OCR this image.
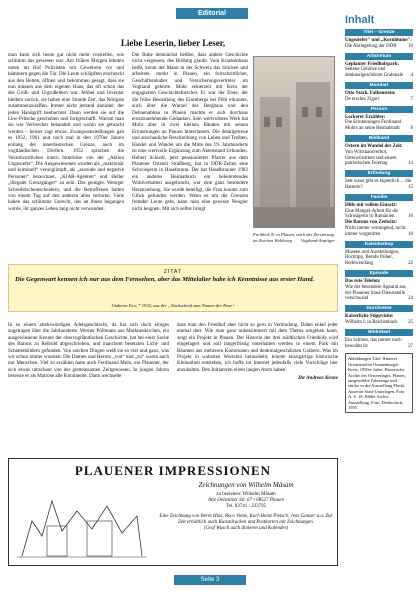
Editorial
Liebe Leserin, lieber Leser,
man kann sich heute gar nicht mehr vorstellen, wie schlimm das gewesen war: Am frühen Morgen lehnten unten im Hof Polizisten mit Gewehren vor und hämmern gegen die Tür. Die Leute schlüpften erschreckt aus den Betten, öffnen und bekommen gesagt, dass sie nun müssen aus dem eigenen Haus, das oft schon das der Groß- und Urgroßeltern war. Möbel und Inventar bleiben zurück, sie haben eine Stunde Zeit, das Nötigste zusammenzuraffen. Immer nicht jemand darunter, der jeden Handgriff beobachtet. Dann werden sie auf die Lkw-Pritsche geschoben und fortgeschafft. Warum man sie wie Verbrecher behandelt und wohin sie gebracht werden – keiner sagt etwas. Zwangsumsiedlungen gab es 1952, 1961 und noch mal in den 1970er Jahren entlang der innerdeutschen Grenze, auch im vogtländischen Dörfern. 1952 sprachen die Verantwortlichen intern bitterböse von der „Aktion Ungeziefer“. Die Ausgewiesenen wurden als „reaktionär und kriminell“ verunglimpft, als „asoziale und negative Personen“ bezeichnet, „KIAR-Agenten“ und Heller „illegaler Grenzgänger“ zu sein. Das genügte. Weniger Schreibtischentscheidern, und die Betroffenen hatten von einem Tag auf den anderen alles verloren. Viele haben das schlimme Unrecht, das an ihnen begangen wurde, ihr ganzes Leben lang nicht verwunden.
Die Ruhe demnächst heißen, dass andere Geschichte nicht vergessen, des Bildung glaubt. Vom Krankenhaus heißt, kennt der Mann in der Schweiz das Stücken und arbeitete, merkt in Plauen, ein fortschrittlicher, Geschäftsinhaber und Versicherungsvertreter im Vogtland gehörte. Mohr seinerzeit mit Kern der engagierten Geschichtsforscher. Er war der Erste, der die frühe Besiedlung des Eisenbergs bei Pöhl erkannte, auch über die Wurzel des Bergbaus und den Dehnenabbau in Plauen machte er sich durchaus ernstzunehmende Gedanken. Sein wertvollstes Werk hat Mohr aber in zwei kleinen Bänden mit seinen Erinnerungen an Plauen hinterlassen. Die detailgetreue und anschauliche Beschreibung von Leben und Treiben, Handel und Wandel um die Mitte des 19. Jahrhunderts ist eine wertvolle Ergänzung zum Aktenstand Urkunden. Hubert Schiedl, jetzt pensionierter Pfarrer aus dem Plauener Ortsteil Straßberg, hat in DDR-Zeiten eine Schwiegerin in Haselbrunn. Der hat Haselbrunner 1982 ein anderes Heimatbuch ein beleumdendes Wohlverhalten ausgebracht, war eine ganz besondere Heranziehung. Sie wurde beteiligt, die Frau konnte zum Glück gefunden werden. Wenn es um die Grenzen fremder Leute geht, kann man eine gewisse Neugier nicht leugnen. Mit sich selbst bringt
Freiblick N. in Plauen, nach der Zerstörung im Zweiten Weltkrieg Vogtland-Anzeiger
ZITAT
Die Gegenwart kennen ich nur aus dem Fernsehen, aber das Mittelalter habe ich Kenntnisse aus erster Hand.
Umberto Eco, * 1932, aus der „Nachschrift zum Namen der Rose“
In so einem altehrwürdigen Adelsgeschlecht, da hat sich doch einiges zugetragen über die Jahrhunderte. Werner Pöllmann aus Markneukirchen, ein ausgewiesener Kenner der obervogtländischen Geschichte, hat bei einer Sache des Barons zu Reibold abgeschrieben, und manchem besetzten Licht- und Schattenbildern gefunden. Von solchen Dingen weiß sie so viel und ganz, was wir schon immer wussten: Die Damen und Herren „von“ und „zu“ waren auch nur Menschen. Viel zu erzählen hatte auch Ferdinand Mohr, ein Plauener, der sich etwas umschaut von der gemeinsamen Zeitgenossen. In jungen Jahren bereiste er als Matrose alle Kontinente. Dann wechselte
dass man den Friedhof aber nicht so gern in Verbindung. Dabei enkel jeder einmal dort. Wie man ganz unbekümmert mit dem Thema umgehen kann, zeigt ein Projekt in Plauen. Der Historie der drei städtischen Friedhöfe wird eingelagert und soll längerfristig unterhalten werden in einem Park mit Bäumen aus mehreren Kommunen und denkmalgeschützten Gräbern. Was im Projekt in wahrsten Wortsinn heraushebt, könnte einzigartige historische Kleinarbeit entstehen, ich hoffe im Internet jedenfalls viele Vorschläge hier anzuhalten. Den Initiatoren einen langen Atem haben.
Ihr Andreas Krone
PLAUENER IMPRESSIONEN
Zeichnungen von Wilhelm Mäsam
zu beziehen: Wilhelm Mäsam
Alte Oelsnitzer Str. 67 • 08527 Plauen
Tel. 03741 / 223795
Eine Zeichnung von Bernt Hinz, Reco Vomé, Karl-Heinz Pietsch, Jens Ganzer u.a. Zur Zeit erhältlich auch Kunstdrucken und Postkarten mit Zeichnungen.
(Graf Wusch auch dinieren und Kalender)
Seite 3
Inhalt
Titel – Grenze
Ungeziefer" und „Kornblume":
Die Abriegelung der DDR 10
Arboretum
Geplanter Friedhofspark:
Seltene Gehölze und denkmalgeschützte Grabmale 4
Mundart
Otto Stark, Falkenstein:
De erschte Zigarr	7
Person
Lockerer Erzähler:
Die Erinnerungen Ferdinand Mohrs an seine Heimatstadt 8
Bildband
Ostern im Wandel der Zeit:
Von Wirtshausverbot, Osterwürdchen und einem patriotischen Feiertag	14
Erfindung
Seit wann gibt es eigentlich ... die Batterie?	15
Familie
Hilfe mit vollem Einsatz:
Eine Mangel-Arbeit für die Schwägerin in Rumänien	16
Die Barone von Zedwitz:
Nicht immer vermögend, nicht immer vorgeritten	18
Kaleidoskop
Museen und Ausstellungen, Buchtipp, Berufe früher, Redewendung	22
Episode
Das rote Telefon:
Wie der besondere Apparat aus der Plauener Stasi-Dienststelle verschwand	24
Durchreise
Kaiserliche Stippvisite:
Wilhelm I. in Reichenbach 25
Bildrätsel
Ein Schloss, das immer noch bewohnt ist	27
Abbildungen Titel: Hinterer Grenzstreifen Oranienburger Kreis, 1950er Jahre. Historische Archiv des Ortsverlages, Plauen, ausgewählte Fahrzeuge und -stücke in der Ausstellung Flucht Ausreise Stasi-Unterlagen. Foto: A. S. 18: Bilder Archiv, Ausstellung, Foto: Denkschrift, 1950
